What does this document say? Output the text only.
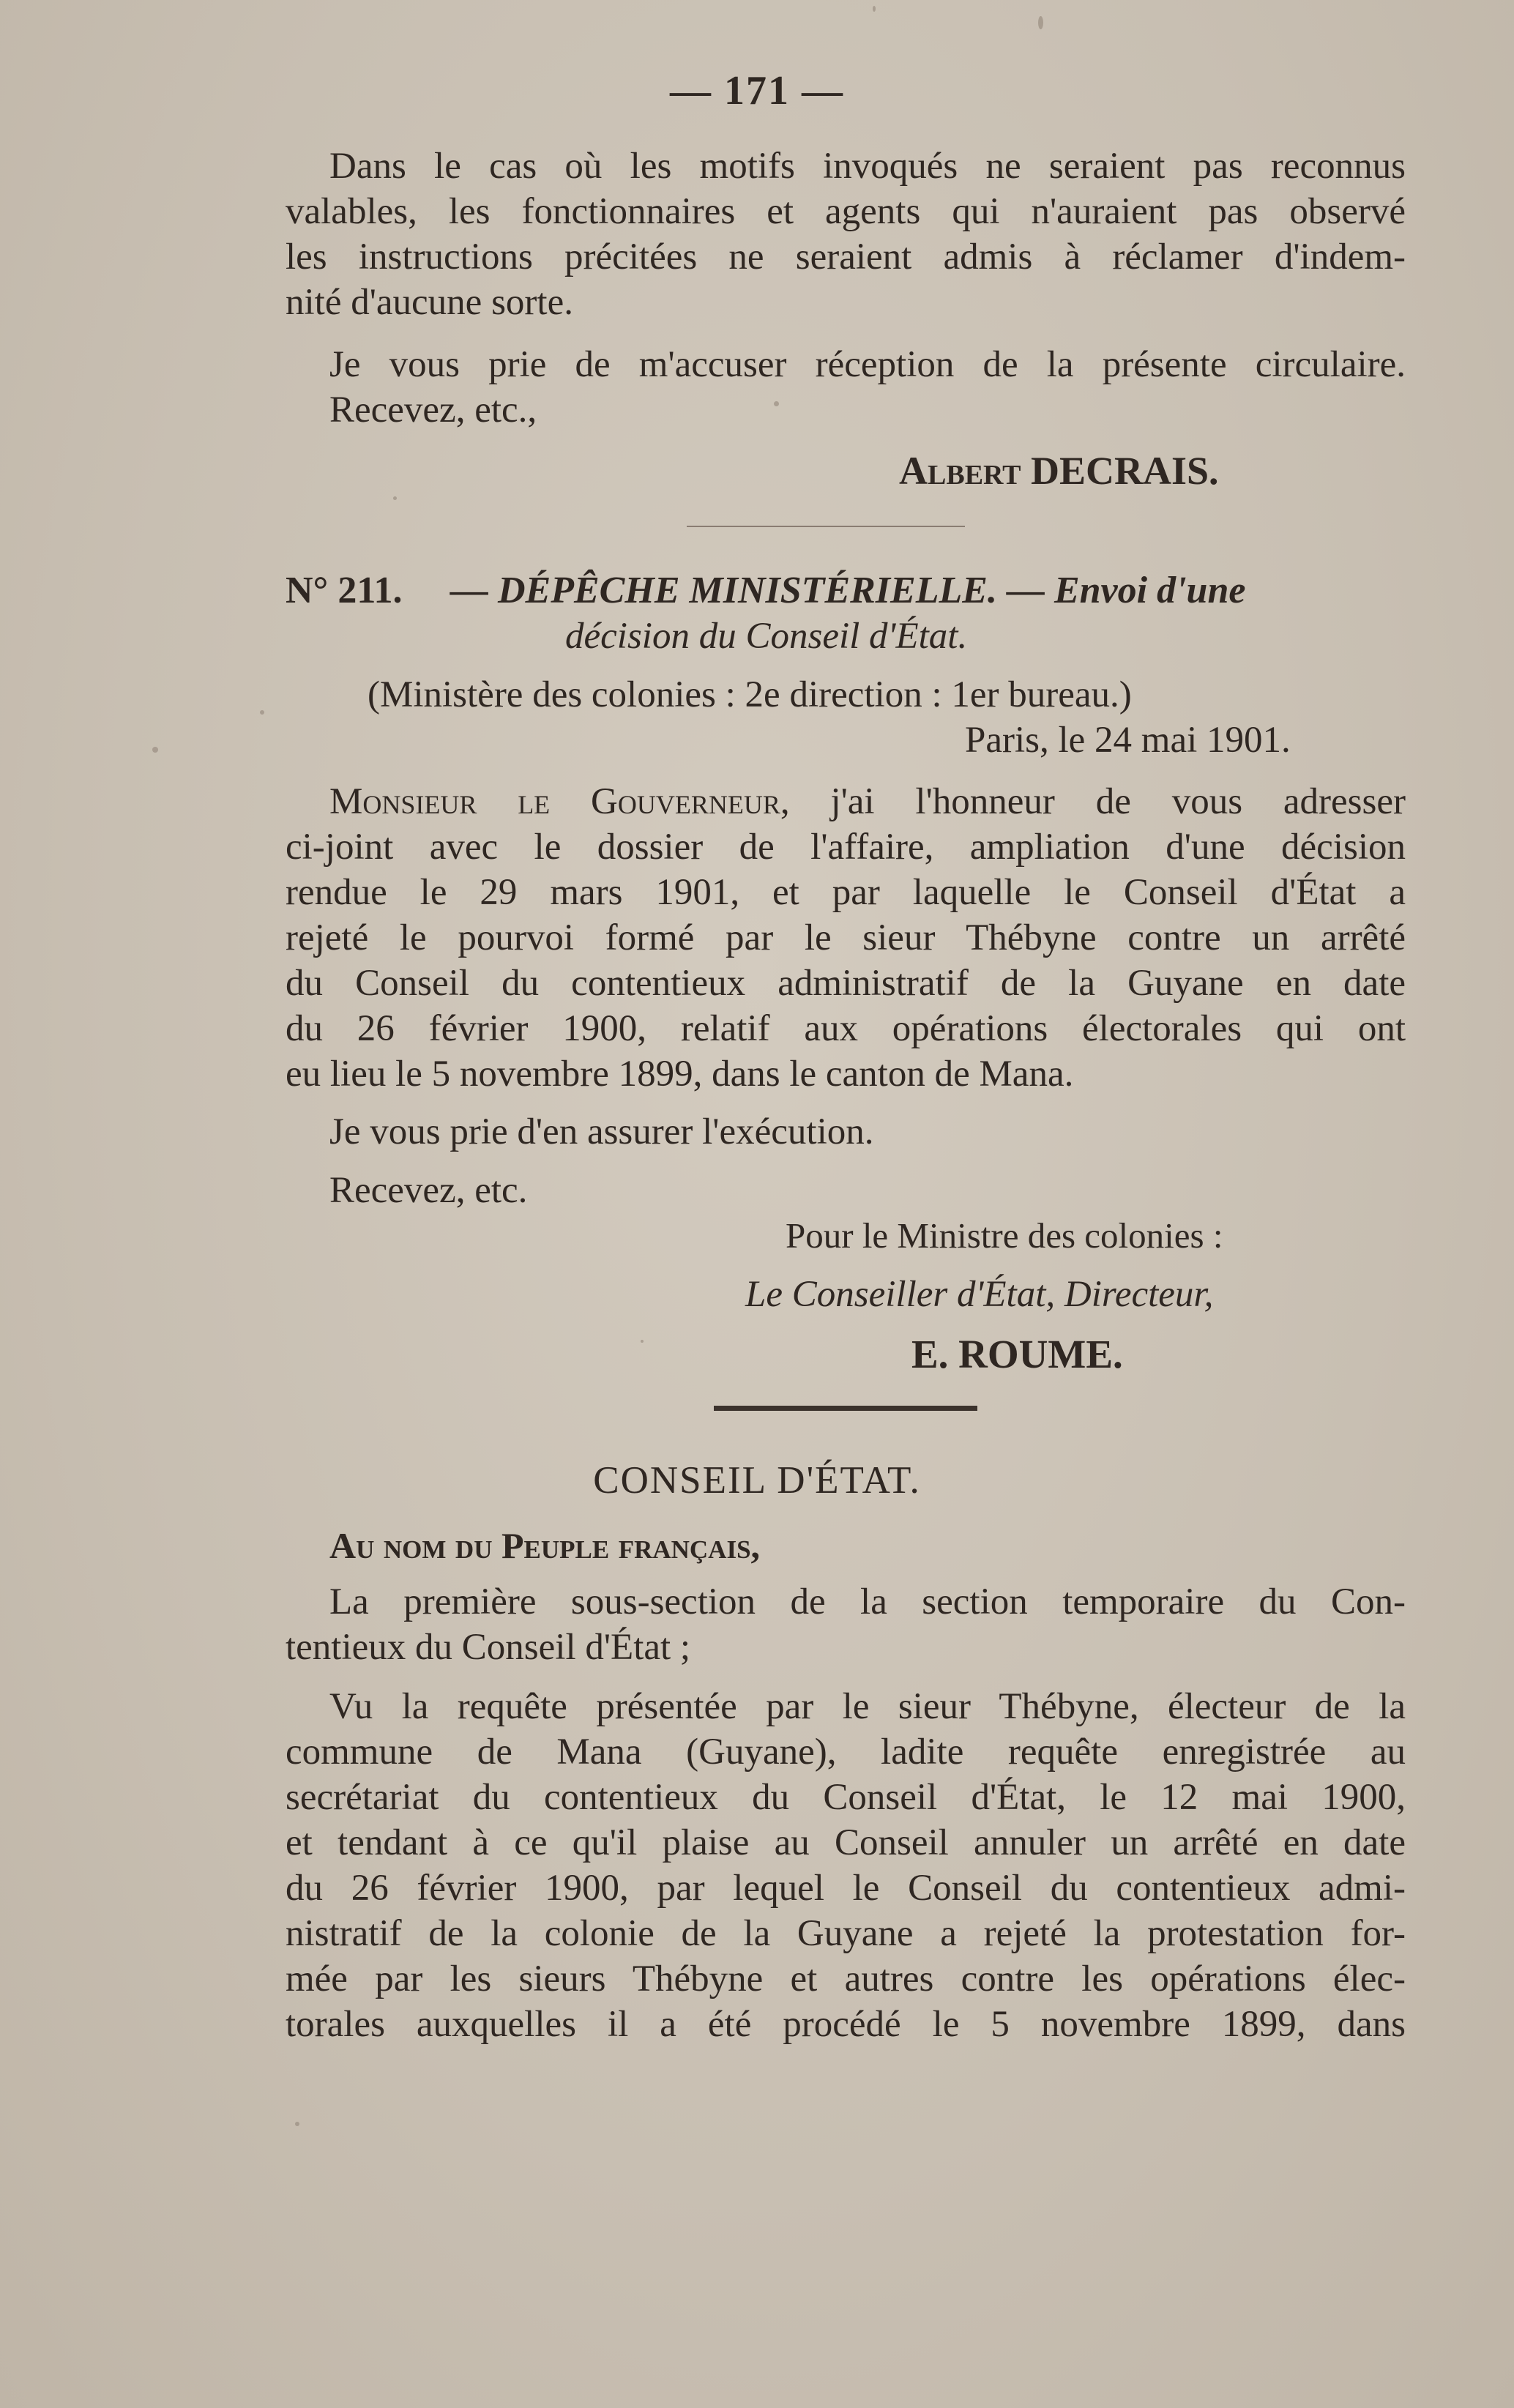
— 171 —
Dans le cas où les motifs invoqués ne seraient pas reconnus
valables, les fonctionnaires et agents qui n'auraient pas observé
les instructions précitées ne seraient admis à réclamer d'indem-
nité d'aucune sorte.
Je vous prie de m'accuser réception de la présente circulaire.
Recevez, etc.,
Albert DECRAIS.
N° 211. — DÉPÊCHE MINISTÉRIELLE. — Envoi d'une
décision du Conseil d'État.
(Ministère des colonies : 2e direction : 1er bureau.)
Paris, le 24 mai 1901.
Monsieur le Gouverneur, j'ai l'honneur de vous adresser
ci-joint avec le dossier de l'affaire, ampliation d'une décision
rendue le 29 mars 1901, et par laquelle le Conseil d'État a
rejeté le pourvoi formé par le sieur Thébyne contre un arrêté
du Conseil du contentieux administratif de la Guyane en date
du 26 février 1900, relatif aux opérations électorales qui ont
eu lieu le 5 novembre 1899, dans le canton de Mana.
Je vous prie d'en assurer l'exécution.
Recevez, etc.
Pour le Ministre des colonies :
Le Conseiller d'État, Directeur,
E. ROUME.
CONSEIL D'ÉTAT.
Au nom du Peuple français,
La première sous-section de la section temporaire du Con-
tentieux du Conseil d'État ;
Vu la requête présentée par le sieur Thébyne, électeur de la
commune de Mana (Guyane), ladite requête enregistrée au
secrétariat du contentieux du Conseil d'État, le 12 mai 1900,
et tendant à ce qu'il plaise au Conseil annuler un arrêté en date
du 26 février 1900, par lequel le Conseil du contentieux admi-
nistratif de la colonie de la Guyane a rejeté la protestation for-
mée par les sieurs Thébyne et autres contre les opérations élec-
torales auxquelles il a été procédé le 5 novembre 1899, dans
